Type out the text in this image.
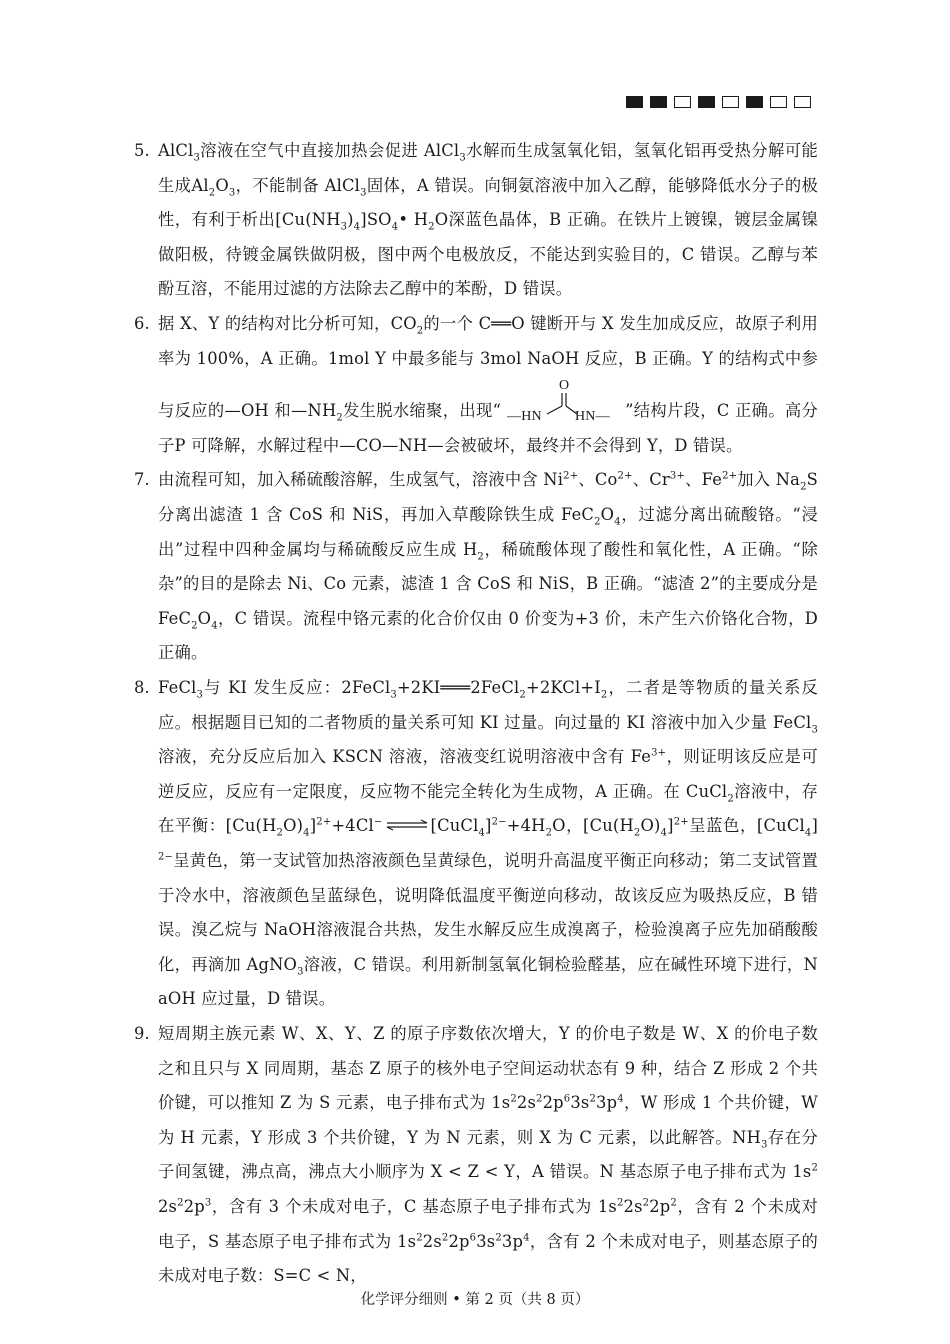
5. AlCl$_3$溶液在空气中直接加热会促进 AlCl$_3$水解而生成氢氧化铝，氢氧化铝再受热分解可能生成$Al_2O_3$，不能制备 AlCl$_3$固体，A 错误。向铜氨溶液中加入乙醇，能够降低水分子的极性，有利于析出$[Cu(NH_3)_4]SO_4•$ $H_2O$深蓝色晶体，B 正确。在铁片上镀镍，镀层金属镍做阳极，待镀金属铁做阴极，图中两个电极放反，不能达到实验目的，C 错误。乙醇与苯酚互溶，不能用过滤的方法除去乙醇中的苯酚，D 错误。
6. 据 X、Y 的结构对比分析可知，$CO_2$的一个 C══O 键断开与 X 发生加成反应，故原子利用率为 100%，A 正确。1mol Y 中最多能与 3mol NaOH 反应，B 正确。Y 的结构式中参与反应的—OH 和$—NH_2$发生脱水缩聚，出现“
O
—HN HN— ”结构片段，C 正确。高分子P 可降解，水解过程中—CO—NH—会被破坏，最终并不会得到 Y，D 错误。
7. 由流程可知，加入稀硫酸溶解，生成氢气，溶液中含 $Ni^{2+}$、$Co^{2+}$、$Cr^{3+}$、$Fe^{2+}$加入 $Na_2S$ 分离出滤渣 1 含 CoS 和 NiS，再加入草酸除铁生成 $FeC_2O_4$，过滤分离出硫酸铬。“浸出”过程中四种金属均与稀硫酸反应生成 $H_2$，稀硫酸体现了酸性和氧化性，A 正确。“除杂”的目的是除去 Ni、Co 元素，滤渣 1 含 CoS 和 NiS，B 正确。“滤渣 2”的主要成分是 $FeC_2O_4$，C 错误。流程中铬元素的化合价仅由 0 价变为+3 价，未产生六价铬化合物，D 正确。
8. FeCl$_3$与 KI 发生反应：$2FeCl_3+2KI═══2FeCl_2+2KCl+I_2$，二者是等物质的量关系反应。根据题目已知的二者物质的量关系可知 KI 过量。向过量的 KI 溶液中加入少量 FeCl$_3$溶液，充分反应后加入 KSCN 溶液，溶液变红说明溶液中含有 $Fe^{3+}$，则证明该反应是可逆反应，反应有一定限度，反应物不能完全转化为生成物，A 正确。在 CuCl$_2$溶液中，存在平衡：$[Cu(H_2O)_4]^{2+}+4Cl^-$ ⇌ $[CuCl_4]^{2-}+4H_2O$，$[Cu(H_2O)_4]^{2+}$呈蓝色，[CuCl$_4$]$^{2-}$呈黄色，第一支试管加热溶液颜色呈黄绿色，说明升高温度平衡正向移动；第二支试管置于冷水中，溶液颜色呈蓝绿色，说明降低温度平衡逆向移动，故该反应为吸热反应，B 错误。溴乙烷与 NaOH溶液混合共热，发生水解反应生成溴离子，检验溴离子应先加硝酸酸化，再滴加 AgNO$_3$溶液，C 错误。利用新制氢氧化铜检验醛基，应在碱性环境下进行，NaOH 应过量，D 错误。
9. 短周期主族元素 W、X、Y、Z 的原子序数依次增大，Y 的价电子数是 W、X 的价电子数之和且只与 X 同周期，基态 Z 原子的核外电子空间运动状态有 9 种，结合 Z 形成 2 个共价键，可以推知 Z 为 S 元素，电子排布式为 $1s^22s^22p^63s^23p^4$，W 形成 1 个共价键，W 为 H 元素，Y 形成 3 个共价键，Y 为 N 元素，则 X 为 C 元素，以此解答。$NH_3$存在分子间氢键，沸点高，沸点大小顺序为 X < Z < Y，A 错误。N 基态原子电子排布式为 $1s^22s^22p^3$，含有 3 个未成对电子，C 基态原子电子排布式为 $1s^22s^22p^2$，含有 2 个未成对电子，S 基态原子电子排布式为 $1s^22s^22p^63s^23p^4$，含有 2 个未成对电子，则基态原子的未成对电子数：S=C < N，
化学评分细则 • 第 2 页（共 8 页）
